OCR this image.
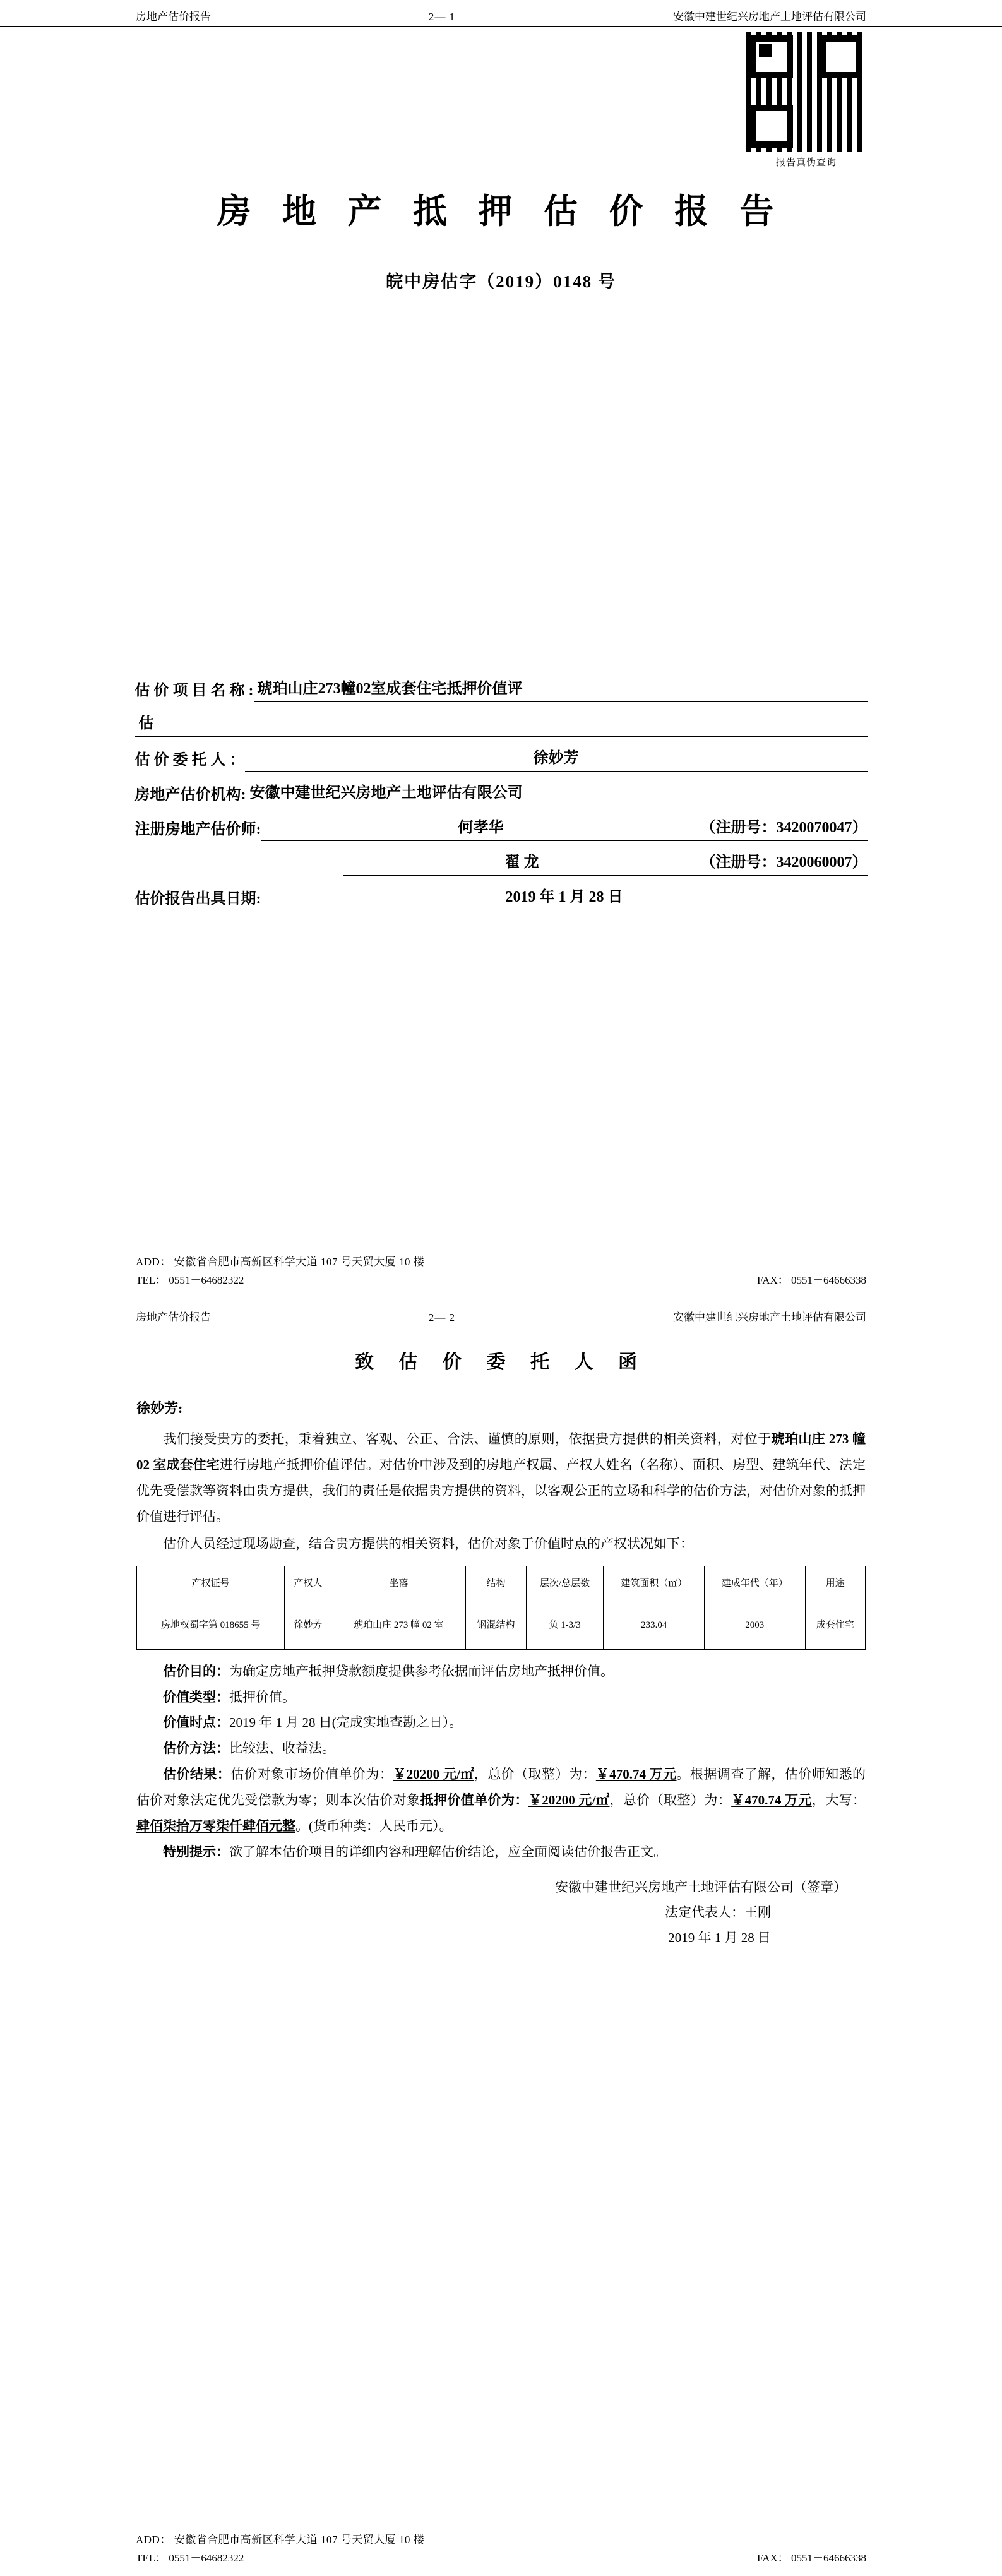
房地产估价报告	2— 1	安徽中建世纪兴房地产土地评估有限公司
报告真伪查询
房 地 产 抵 押 估 价 报 告
皖中房估字（2019）0148 号
估 价 项 目 名 称 : 琥珀山庄273幢02室成套住宅抵押价值评
估
估 价 委 托 人 ：	徐妙芳
房地产估价机构: 安徽中建世纪兴房地产土地评估有限公司
注册房地产估价师:	何孝华	（注册号：3420070047）
翟 龙	（注册号：3420060007）
估价报告出具日期:	2019 年 1 月 28 日
ADD： 安徽省合肥市高新区科学大道 107 号天贸大厦 10 楼
TEL： 0551－64682322	FAX： 0551－64666338
房地产估价报告	2— 2	安徽中建世纪兴房地产土地评估有限公司
致 估 价 委 托 人 函
徐妙芳:

我们接受贵方的委托，秉着独立、客观、公正、合法、谨慎的原则，依据贵方提供的相关资料，对位于琥珀山庄 273 幢 02 室成套住宅进行房地产抵押价值评估。对估价中涉及到的房地产权属、产权人姓名（名称）、面积、房型、建筑年代、法定优先受偿款等资料由贵方提供，我们的责任是依据贵方提供的资料，以客观公正的立场和科学的估价方法，对估价对象的抵押价值进行评估。

估价人员经过现场勘查，结合贵方提供的相关资料，估价对象于价值时点的产权状况如下：

产权证号	产权人	坐落	结构	层次/总层数	建筑面积（㎡）	建成年代（年）	用途
房地权蜀字第 018655 号	徐妙芳	琥珀山庄 273 幢 02 室	钢混结构	负 1-3/3	233.04	2003	成套住宅

估价目的：为确定房地产抵押贷款额度提供参考依据而评估房地产抵押价值。

价值类型：抵押价值。

价值时点：2019 年 1 月 28 日(完成实地查勘之日）。

估价方法：比较法、收益法。

估价结果：估价对象市场价值单价为：￥20200 元/㎡，总价（取整）为：￥470.74 万元。根据调查了解，估价师知悉的估价对象法定优先受偿款为零；则本次估价对象抵押价值单价为：￥20200 元/㎡，总价（取整）为：￥470.74 万元，大写：肆佰柒拾万零柒仟肆佰元整。(货币种类：人民币元）。

特别提示：欲了解本估价项目的详细内容和理解估价结论，应全面阅读估价报告正文。

安徽中建世纪兴房地产土地评估有限公司（签章）
法定代表人：王刚
2019 年 1 月 28 日
ADD： 安徽省合肥市高新区科学大道 107 号天贸大厦 10 楼
TEL： 0551－64682322	FAX： 0551－64666338
